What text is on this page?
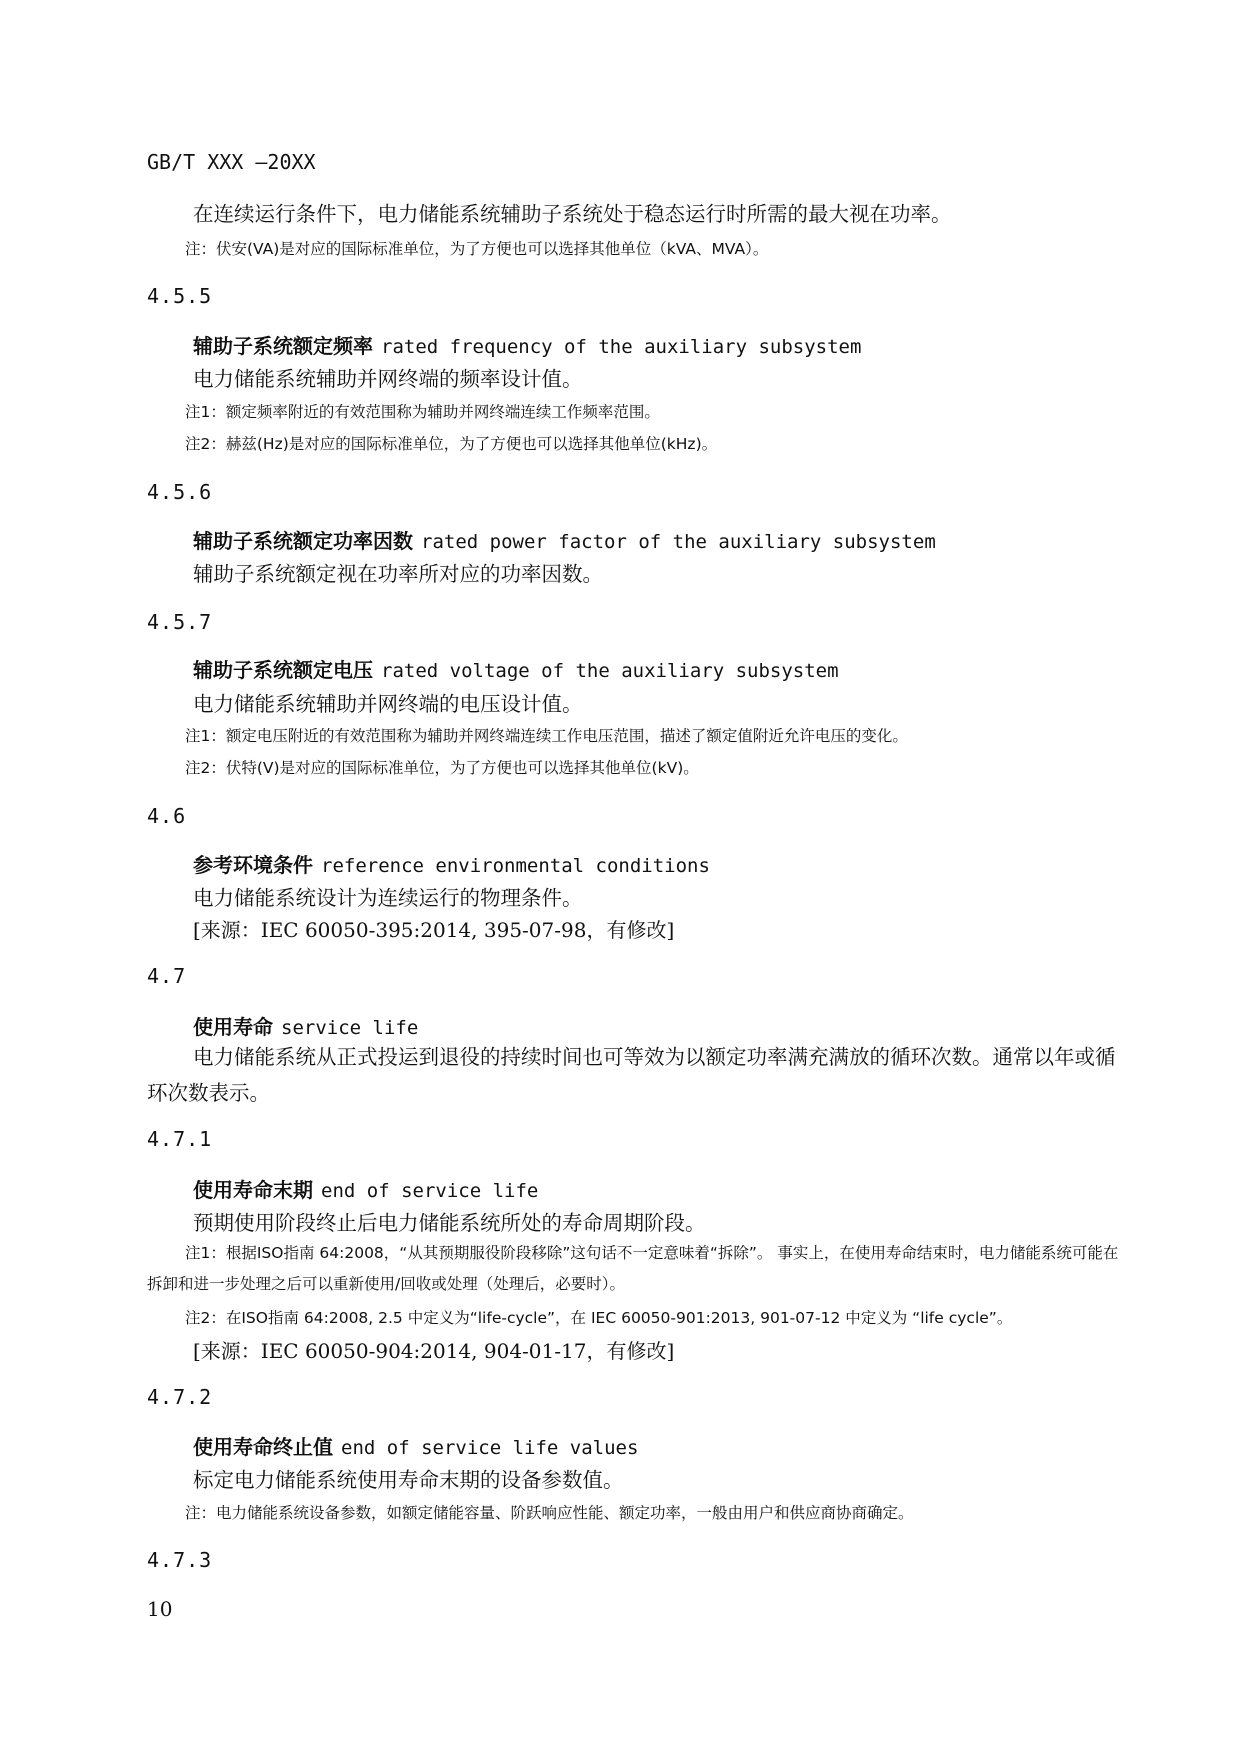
GB/T XXX —20XX
在连续运行条件下，电力储能系统辅助子系统处于稳态运行时所需的最大视在功率。
注：伏安(VA)是对应的国际标准单位，为了方便也可以选择其他单位（kVA、MVA）。
4.5.5
辅助子系统额定频率 rated frequency of the auxiliary subsystem
电力储能系统辅助并网终端的频率设计值。
注1：额定频率附近的有效范围称为辅助并网终端连续工作频率范围。
注2：赫兹(Hz)是对应的国际标准单位，为了方便也可以选择其他单位(kHz)。
4.5.6
辅助子系统额定功率因数 rated power factor of the auxiliary subsystem
辅助子系统额定视在功率所对应的功率因数。
4.5.7
辅助子系统额定电压 rated voltage of the auxiliary subsystem
电力储能系统辅助并网终端的电压设计值。
注1：额定电压附近的有效范围称为辅助并网终端连续工作电压范围，描述了额定值附近允许电压的变化。
注2：伏特(V)是对应的国际标准单位，为了方便也可以选择其他单位(kV)。
4.6
参考环境条件 reference environmental conditions
电力储能系统设计为连续运行的物理条件。
[来源：IEC 60050-395:2014, 395-07-98，有修改]
4.7
使用寿命 service life
电力储能系统从正式投运到退役的持续时间也可等效为以额定功率满充满放的循环次数。通常以年或循环次数表示。
4.7.1
使用寿命末期 end of service life
预期使用阶段终止后电力储能系统所处的寿命周期阶段。
注1：根据ISO指南 64:2008，“从其预期服役阶段移除”这句话不一定意味着“拆除”。 事实上，在使用寿命结束时，电力储能系统可能在拆卸和进一步处理之后可以重新使用/回收或处理（处理后，必要时）。
注2：在ISO指南 64:2008, 2.5 中定义为“life-cycle”，在 IEC 60050-901:2013, 901-07-12 中定义为 “life cycle”。
[来源：IEC 60050-904:2014, 904-01-17，有修改]
4.7.2
使用寿命终止值 end of service life values
标定电力储能系统使用寿命末期的设备参数值。
注：电力储能系统设备参数，如额定储能容量、阶跃响应性能、额定功率，一般由用户和供应商协商确定。
4.7.3
10
